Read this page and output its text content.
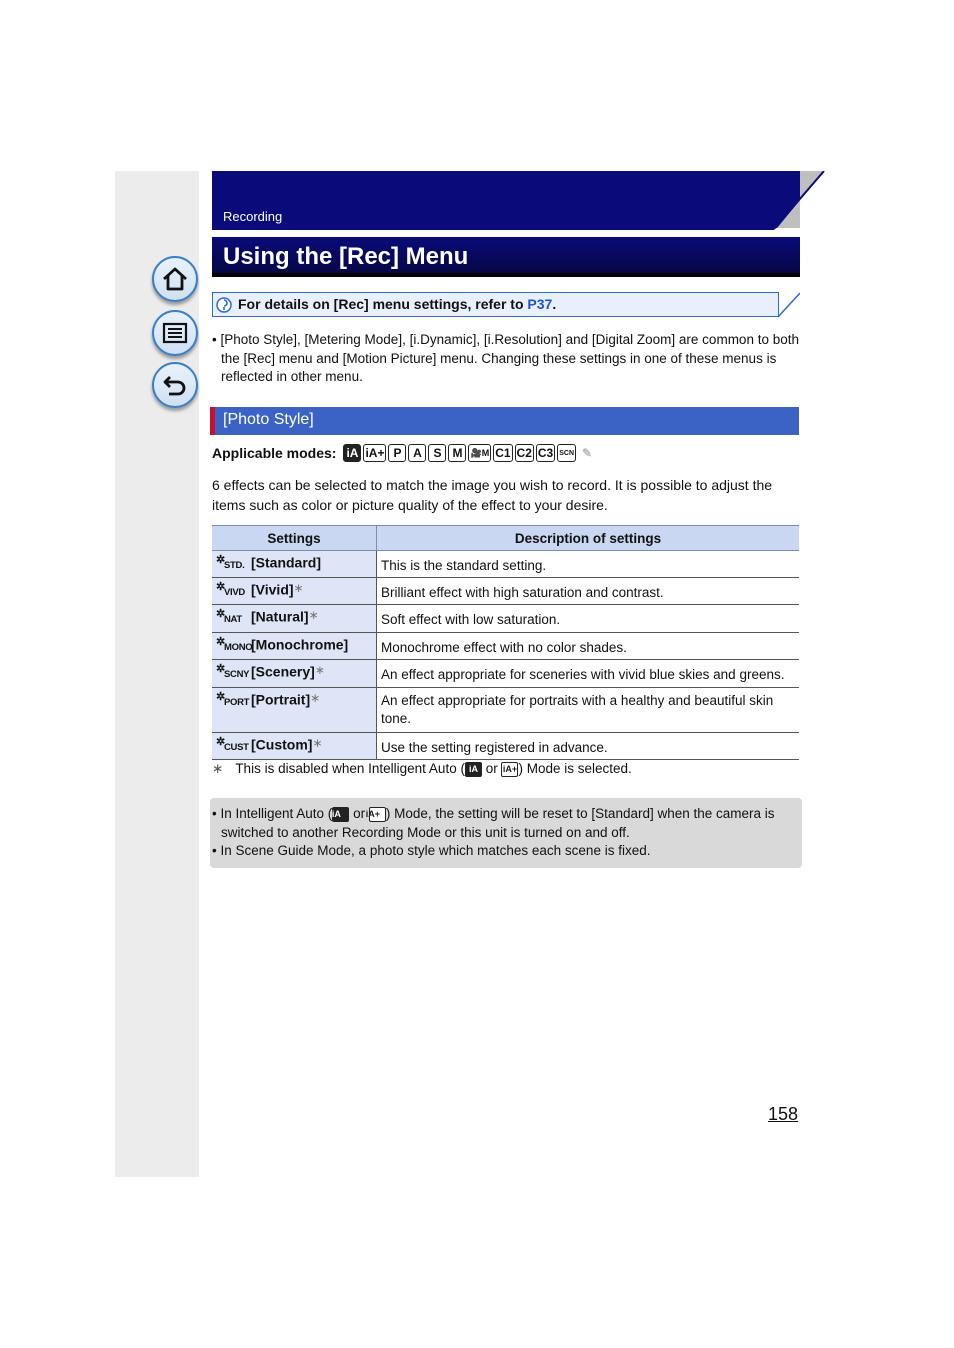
Recording
Using the [Rec] Menu
For details on [Rec] menu settings, refer to P37.
• [Photo Style], [Metering Mode], [i.Dynamic], [i.Resolution] and [Digital Zoom] are common to both the [Rec] menu and [Motion Picture] menu. Changing these settings in one of these menus is reflected in other menu.
[Photo Style]
Applicable modes: iA iA+ P A S M 🎥M C1 C2 C3 SCN ✎
6 effects can be selected to match the image you wish to record. It is possible to adjust the items such as color or picture quality of the effect to your desire.
Settings	Description of settings

✲
STD. [Standard]	This is the standard setting.

✲
VIVD [Vivid]∗	Brilliant effect with high saturation and contrast.

✲
NAT [Natural]∗	Soft effect with low saturation.

✲
MONO
[Monochrome]	Monochrome effect with no color shades.

✲
SCNY [Scenery]∗	An effect appropriate for sceneries with vivid blue skies and greens.

✲
PORT [Portrait]∗	An effect appropriate for portraits with a healthy and beautiful skin tone.

✲
CUST [Custom]∗	Use the setting registered in advance.
∗ This is disabled when Intelligent Auto ( iA or iA+) Mode is selected.
• In Intelligent Auto (iA or iA+ ) Mode, the setting will be reset to [Standard] when the camera is switched to another Recording Mode or this unit is turned on and off.
• In Scene Guide Mode, a photo style which matches each scene is fixed.
158
